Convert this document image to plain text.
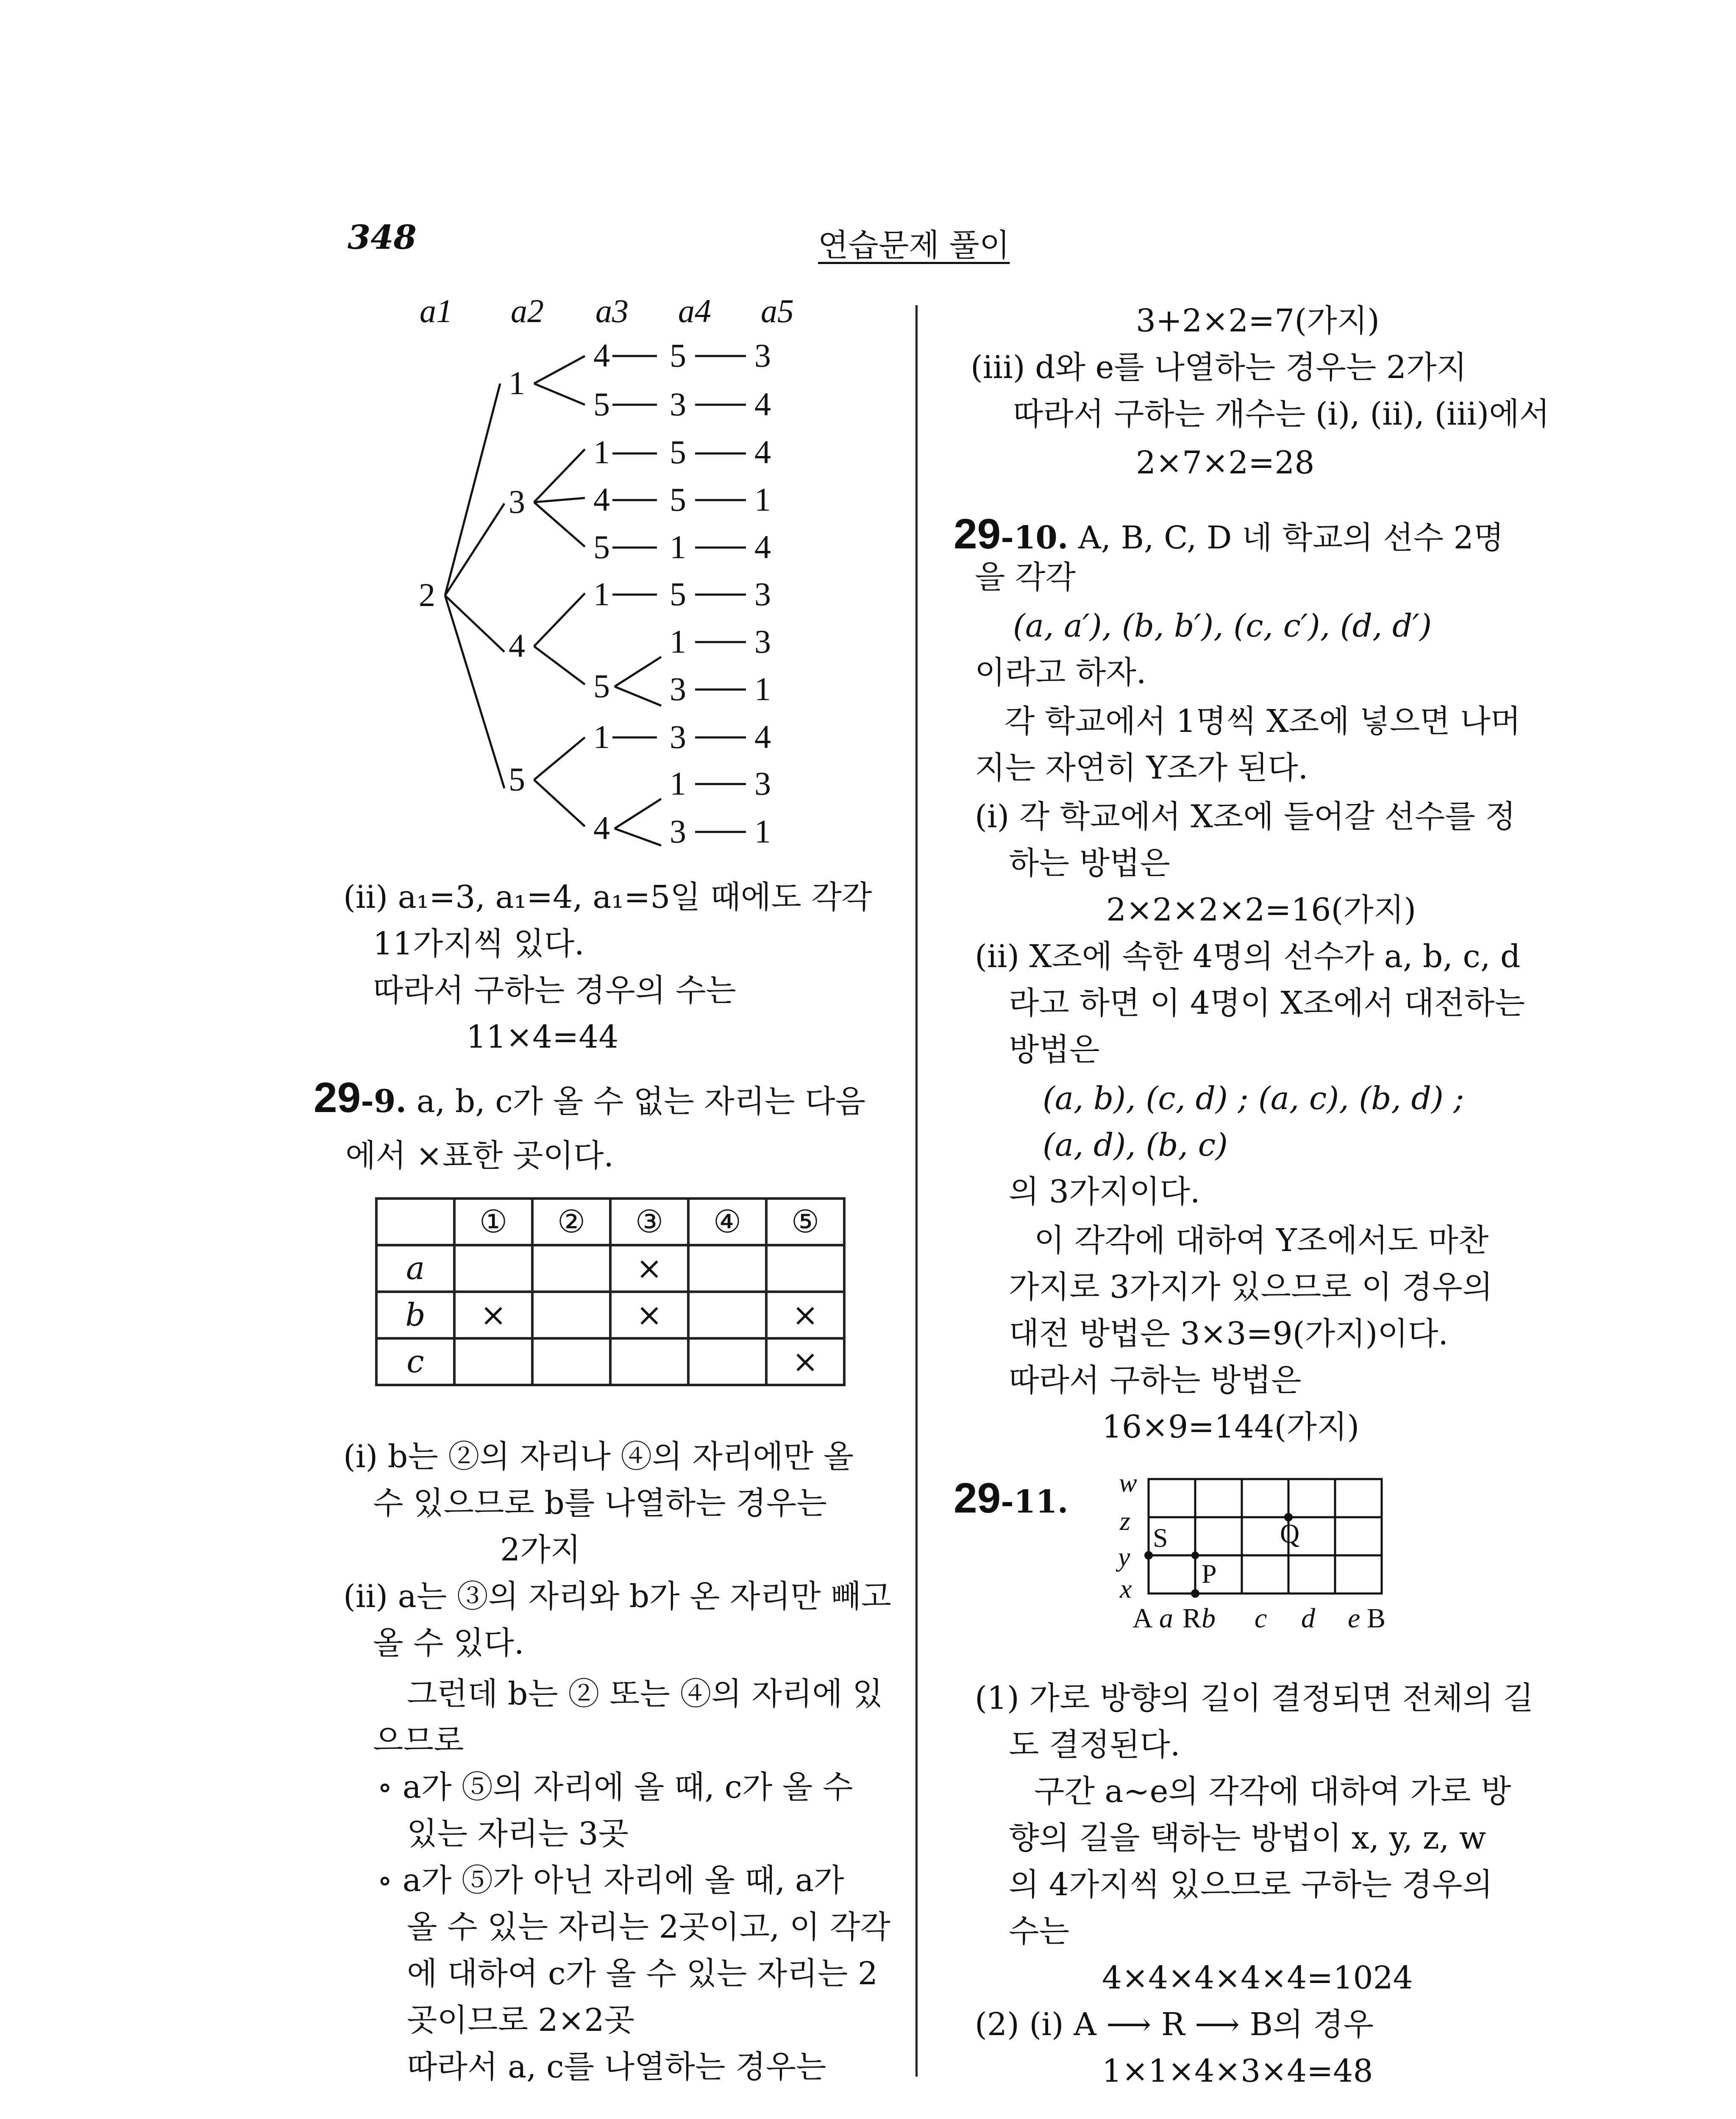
348	연습문제 풀이
a1 a2 a3 a4 a5
2
1
3
4
5
4 5 3
5 3 4
1 5 4
4 5 1
5 1 4
1 5 3
5
1 3
3 1
1 3 4
4
1 3
3 1
(ⅱ) a₁=3, a₁=4, a₁=5일 때에도 각각
11가지씩 있다.
따라서 구하는 경우의 수는
11×4=44
29-9. a, b, c가 올 수 없는 자리는 다음
에서 ×표한 곳이다.
	①	②	③	④	⑤
a			×		
b	×		×		×
c					×
(ⅰ) b는 ②의 자리나 ④의 자리에만 올
수 있으므로 b를 나열하는 경우는
2가지
(ⅱ) a는 ③의 자리와 b가 온 자리만 빼고
올 수 있다.
그런데 b는 ② 또는 ④의 자리에 있
으므로
∘ a가 ⑤의 자리에 올 때, c가 올 수
있는 자리는 3곳
∘ a가 ⑤가 아닌 자리에 올 때, a가
올 수 있는 자리는 2곳이고, 이 각각
에 대하여 c가 올 수 있는 자리는 2
곳이므로 2×2곳
따라서 a, c를 나열하는 경우는
3+2×2=7(가지)
(ⅲ) d와 e를 나열하는 경우는 2가지
따라서 구하는 개수는 (ⅰ), (ⅱ), (ⅲ)에서
2×7×2=28
29-10. A, B, C, D 네 학교의 선수 2명
을 각각
(a, a′), (b, b′), (c, c′), (d, d′)
이라고 하자.
각 학교에서 1명씩 X조에 넣으면 나머
지는 자연히 Y조가 된다.
(ⅰ) 각 학교에서 X조에 들어갈 선수를 정
하는 방법은
2×2×2×2=16(가지)
(ⅱ) X조에 속한 4명의 선수가 a, b, c, d
라고 하면 이 4명이 X조에서 대전하는
방법은
(a, b), (c, d) ; (a, c), (b, d) ;
(a, d), (b, c)
의 3가지이다.
이 각각에 대하여 Y조에서도 마찬
가지로 3가지가 있으므로 이 경우의
대전 방법은 3×3=9(가지)이다.
따라서 구하는 방법은
16×9=144(가지)
29-11.
w
z
y
x
S	Q
P
A a R b c d e B
(1) 가로 방향의 길이 결정되면 전체의 길
도 결정된다.
구간 a~e의 각각에 대하여 가로 방
향의 길을 택하는 방법이 x, y, z, w
의 4가지씩 있으므로 구하는 경우의
수는
4×4×4×4×4=1024
(2) (ⅰ) A ⟶ R ⟶ B의 경우
1×1×4×3×4=48
